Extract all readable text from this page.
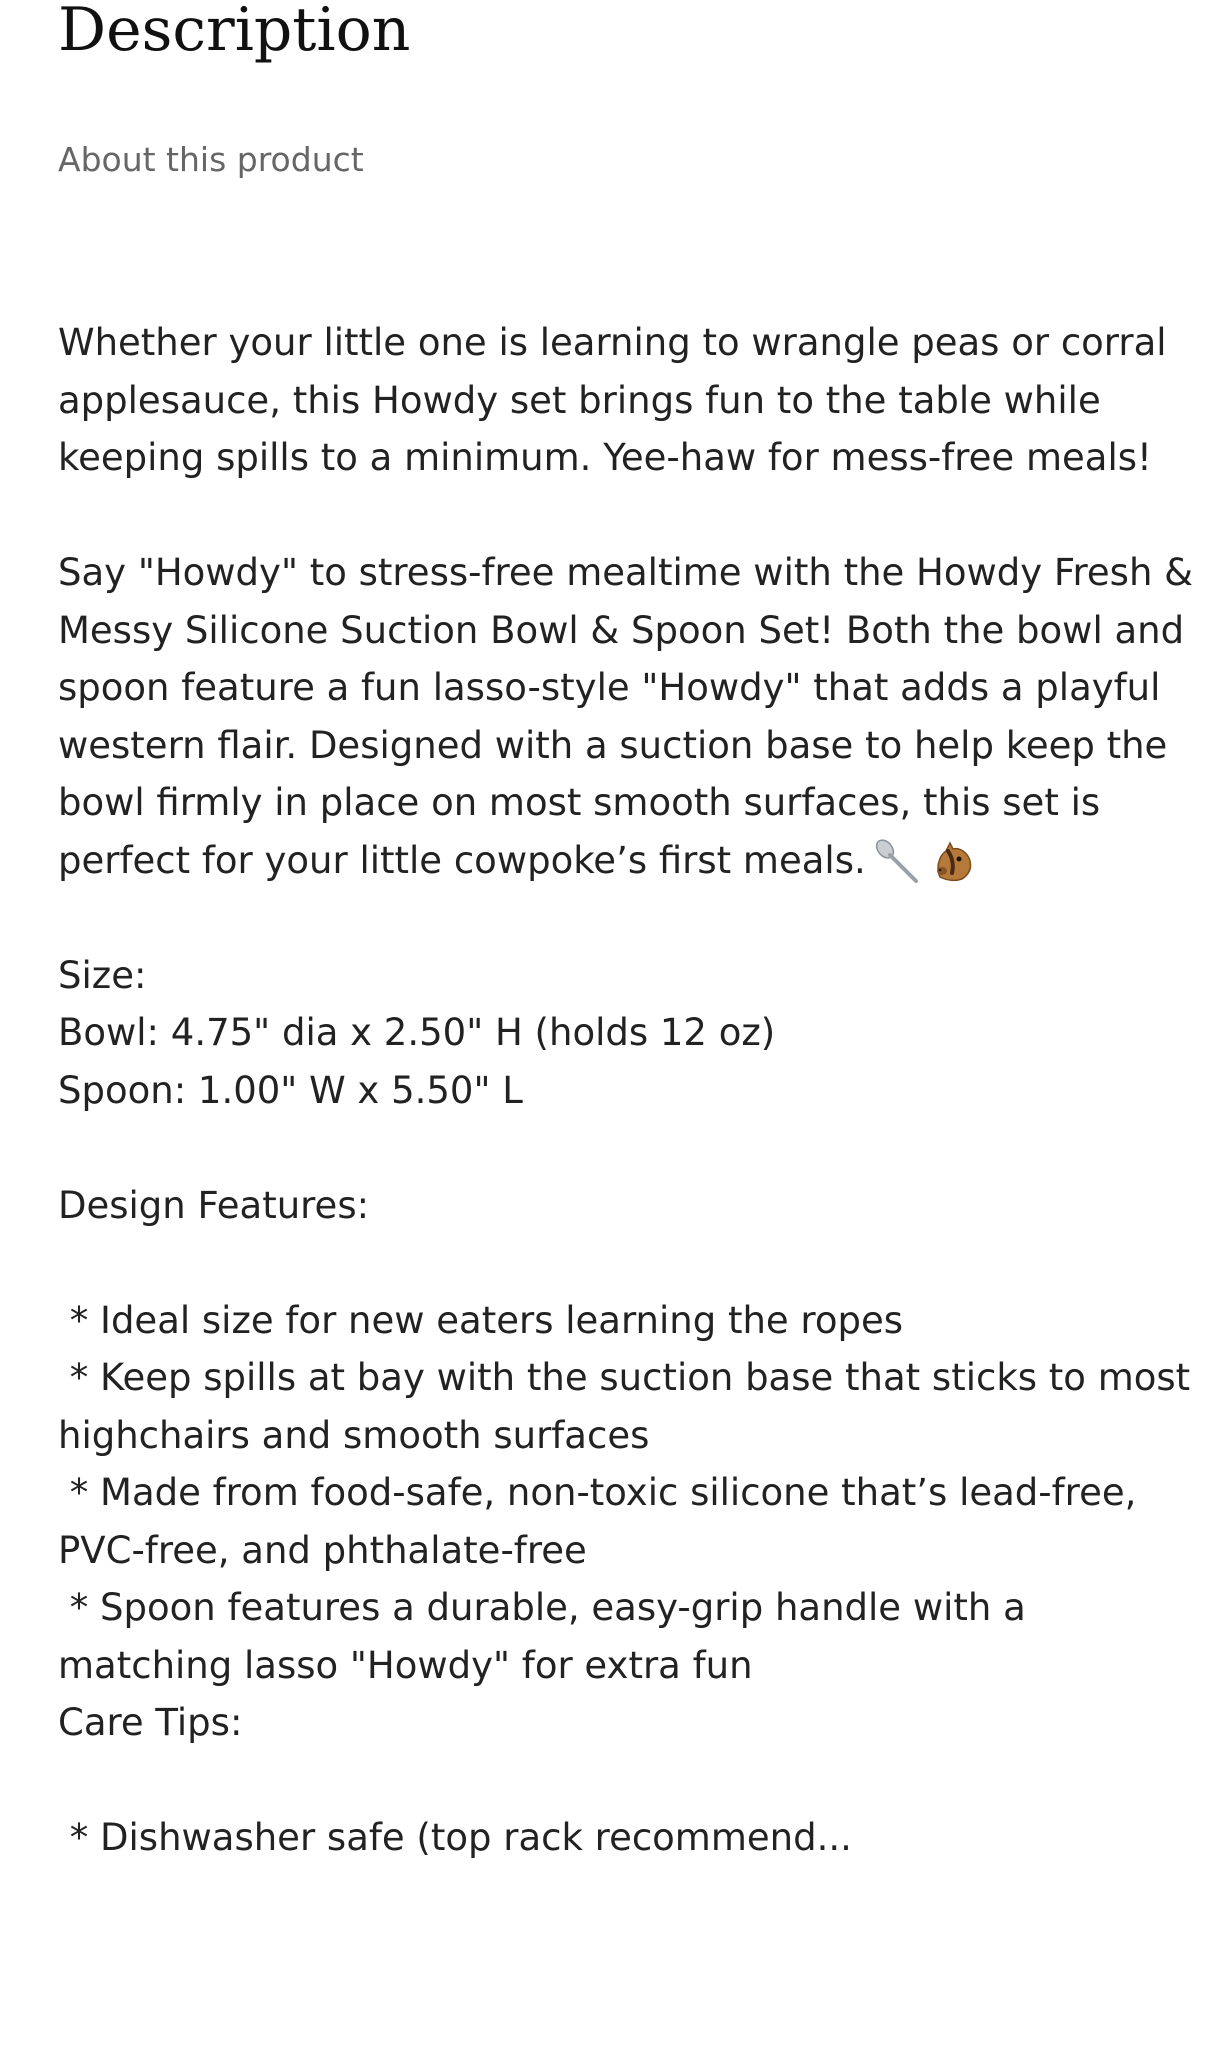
Description
About this product

Whether your little one is learning to wrangle peas or corral applesauce, this Howdy set brings fun to the table while keeping spills to a minimum. Yee-haw for mess-free meals!

Say "Howdy" to stress-free mealtime with the Howdy Fresh & Messy Silicone Suction Bowl & Spoon Set! Both the bowl and spoon feature a fun lasso-style "Howdy" that adds a playful western flair. Designed with a suction base to help keep the bowl firmly in place on most smooth surfaces, this set is perfect for your little cowpoke’s first meals.

Size:

Bowl: 4.75" dia x 2.50" H (holds 12 oz)

Spoon: 1.00" W x 5.50" L

Design Features:

* Ideal size for new eaters learning the ropes

* Keep spills at bay with the suction base that sticks to most highchairs and smooth surfaces

* Made from food-safe, non-toxic silicone that’s lead-free, PVC-free, and phthalate-free

* Spoon features a durable, easy-grip handle with a matching lasso "Howdy" for extra fun

Care Tips:

* Dishwasher safe (top rack recommend...
